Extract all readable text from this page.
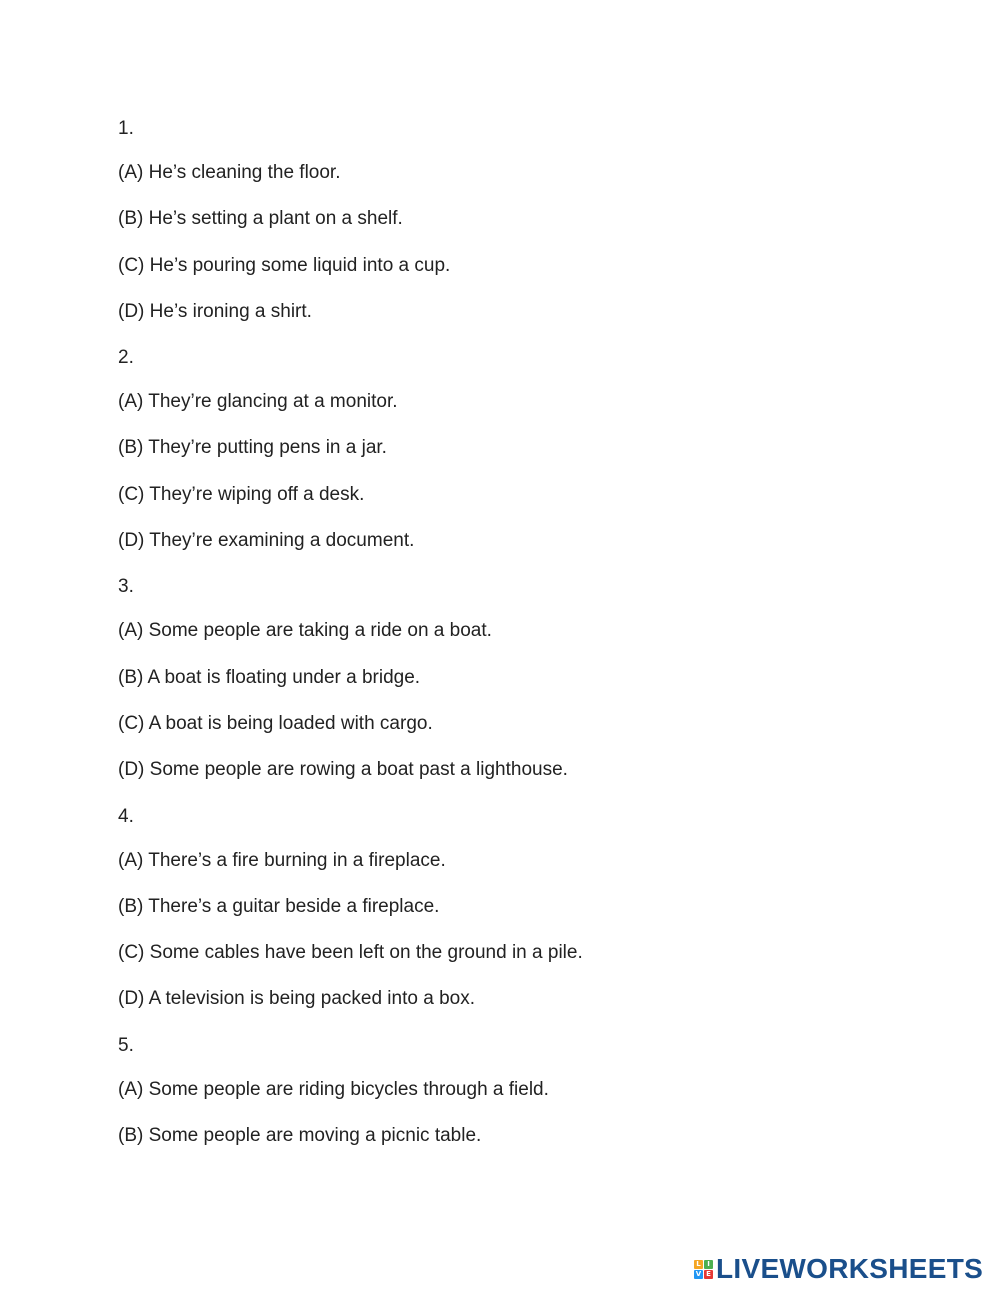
1.
(A) He’s cleaning the floor.
(B) He’s setting a plant on a shelf.
(C) He’s pouring some liquid into a cup.
(D) He’s ironing a shirt.
2.
(A) They’re glancing at a monitor.
(B) They’re putting pens in a jar.
(C) They’re wiping off a desk.
(D) They’re examining a document.
3.
(A) Some people are taking a ride on a boat.
(B) A boat is floating under a bridge.
(C) A boat is being loaded with cargo.
(D) Some people are rowing a boat past a lighthouse.
4.
(A) There’s a fire burning in a fireplace.
(B) There’s a guitar beside a fireplace.
(C) Some cables have been left on the ground in a pile.
(D) A television is being packed into a box.
5.
(A) Some people are riding bicycles through a field.
(B) Some people are moving a picnic table.
L I
V E LIVEWORKSHEETS
